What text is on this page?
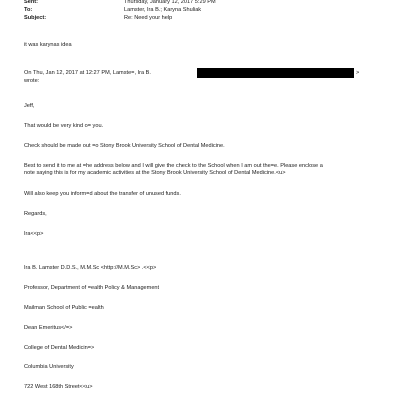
Sent:	Thursday, January 12, 2017 5:29 PM
To:	Lamster, Ira B.; Karyna Shuliak
Subject:	Re: Need your help
it was karynas idea
On Thu, Jan 12, 2017 at 12:27 PM, Lamste=, Ira B.	>
wrote:
Jeff,
That would be very kind o= you.
Check should be made out =o Stony Brook University School of Dental Medicine.
Best to send it to me at =he address below and I will give the check to the School when I am out the=e. Please enclose a
note saying this is for my academic activities at the Stony Brook University School of Dental Medicine.<u>
Will also keep you inform=d about the transfer of unused funds.
Regards,
Ira<<p>
Ira B. Lamster D.D.S., M.M.Sc <http://M.M.Sc> .<<p>
Professor, Department of =ealth Policy & Management
Mailman School of Public =ealth
Dean Emeritus</=>
College of Dental Medicin=>
Columbia University
722 West 168th Street<<u>
